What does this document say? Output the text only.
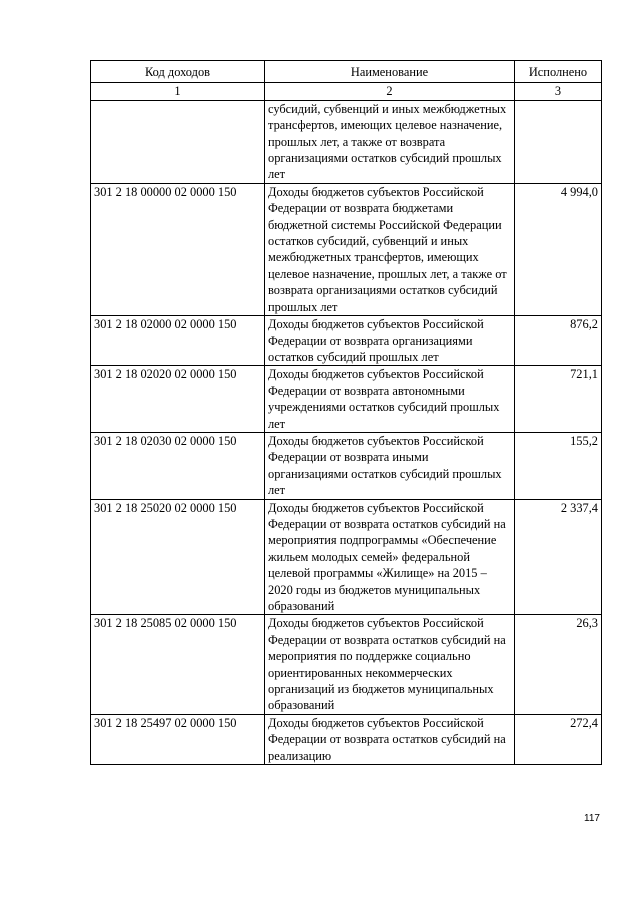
Код доходов	Наименование	Исполнено
1	2	3
	субсидий, субвенций и иных межбюджетных трансфертов, имеющих целевое назначение, прошлых лет, а также от возврата организациями остатков субсидий прошлых лет	
301 2 18 00000 02 0000 150	Доходы бюджетов субъектов Российской Федерации от возврата бюджетами бюджетной системы Российской Федерации остатков субсидий, субвенций и иных межбюджетных трансфертов, имеющих целевое назначение, прошлых лет, а также от возврата организациями остатков субсидий прошлых лет	4 994,0
301 2 18 02000 02 0000 150	Доходы бюджетов субъектов Российской Федерации от возврата организациями остатков субсидий прошлых лет	876,2
301 2 18 02020 02 0000 150	Доходы бюджетов субъектов Российской Федерации от возврата автономными учреждениями остатков субсидий прошлых лет	721,1
301 2 18 02030 02 0000 150	Доходы бюджетов субъектов Российской Федерации от возврата иными организациями остатков субсидий прошлых лет	155,2
301 2 18 25020 02 0000 150	Доходы бюджетов субъектов Российской Федерации от возврата остатков субсидий на мероприятия подпрограммы «Обеспечение жильем молодых семей» федеральной целевой программы «Жилище» на 2015 – 2020 годы из бюджетов муниципальных образований	2 337,4
301 2 18 25085 02 0000 150	Доходы бюджетов субъектов Российской Федерации от возврата остатков субсидий на мероприятия по поддержке социально ориентированных некоммерческих организаций из бюджетов муниципальных образований	26,3
301 2 18 25497 02 0000 150	Доходы бюджетов субъектов Российской Федерации от возврата остатков субсидий на реализацию	272,4
117
